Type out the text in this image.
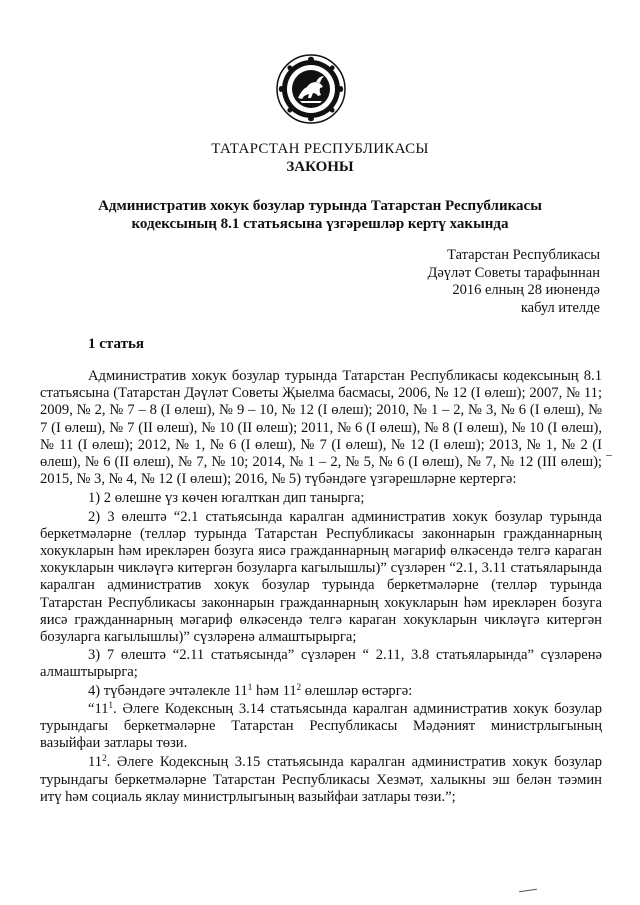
ТАТАРСТАН РЕСПУБЛИКАСЫ
ЗАКОНЫ
Административ хокук бозулар турында Татарстан Республикасы
кодексының 8.1 статьясына үзгәрешләр кертү хакында
Татарстан Республикасы
Дәүләт Советы тарафыннан
2016 елның 28 июнендә
кабул ителде
1 статья

Административ хокук бозулар турында Татарстан Республикасы кодексының 8.1 статьясына (Татарстан Дәүләт Советы Җыелма басмасы, 2006, № 12 (I өлеш); 2007, № 11; 2009, № 2, № 7 – 8 (I өлеш), № 9 – 10, № 12 (I өлеш); 2010, № 1 – 2, № 3, № 6 (I өлеш), № 7 (I өлеш), № 7 (II өлеш), № 10 (II өлеш); 2011, № 6 (I өлеш), № 8 (I өлеш), № 10 (I өлеш), № 11 (I өлеш); 2012, № 1, № 6 (I өлеш), № 7 (I өлеш), № 12 (I өлеш); 2013, № 1, № 2 (I өлеш), № 6 (II өлеш), № 7, № 10; 2014, № 1 – 2, № 5, № 6 (I өлеш), № 7, № 12 (III өлеш); 2015, № 3, № 4, № 12 (I өлеш); 2016, № 5) түбәндәге үзгәрешләрне кертергә:

1) 2 өлешне үз көчен югалткан дип танырга;

2) 3 өлештә “2.1 статьясында каралган административ хокук бозулар турында беркетмәләрне (телләр турында Татарстан Республикасы законнарын гражданнарның хокукларын һәм ирекләрен бозуга яисә гражданнарның мәгариф өлкәсендә телгә караган хокукларын чикләүгә китергән бозуларга кагылышлы)” сүзләрен “2.1, 3.11 статьяларында каралган административ хокук бозулар турында беркетмәләрне (телләр турында Татарстан Республикасы законнарын гражданнарның хокукларын һәм ирекләрен бозуга яисә гражданнарның мәгариф өлкәсендә телгә караган хокукларын чикләүгә китергән бозуларга кагылышлы)” сүзләренә алмаштырырга;

3) 7 өлештә “2.11 статьясында” сүзләрен “ 2.11, 3.8 статьяларында” сүзләренә алмаштырырга;

4) түбәндәге эчтәлекле $11^1$ һәм $11^2$ өлешләр өстәргә:

“$11^1$. Әлеге Кодексның 3.14 статьясында каралган административ хокук бозулар турындагы беркетмәләрне Татарстан Республикасы Мәдәният министрлыгының вазыйфаи затлары төзи.

$11^2$. Әлеге Кодексның 3.15 статьясында каралган административ хокук бозулар турындагы беркетмәләрне Татарстан Республикасы Хезмәт, халыкны эш белән тәэмин итү һәм социаль яклау министрлыгының вазыйфаи затлары төзи.”;
